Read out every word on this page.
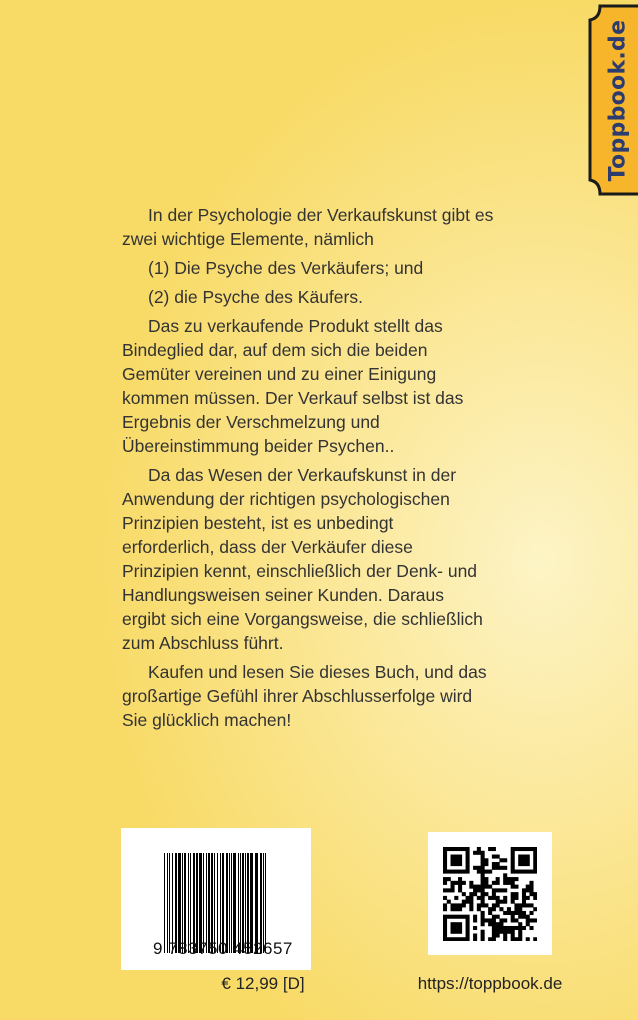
Toppbook.de

In der Psychologie der Verkaufskunst gibt es
zwei wichtige Elemente, nämlich

(1) Die Psyche des Verkäufers; und

(2) die Psyche des Käufers.

Das zu verkaufende Produkt stellt das
Bindeglied dar, auf dem sich die beiden
Gemüter vereinen und zu einer Einigung
kommen müssen. Der Verkauf selbst ist das
Ergebnis der Verschmelzung und
Übereinstimmung beider Psychen..

Da das Wesen der Verkaufskunst in der
Anwendung der richtigen psychologischen
Prinzipien besteht, ist es unbedingt
erforderlich, dass der Verkäufer diese
Prinzipien kennt, einschließlich der Denk- und
Handlungsweisen seiner Kunden. Daraus
ergibt sich eine Vorgangsweise, die schließlich
zum Abschluss führt.

Kaufen und lesen Sie dieses Buch, und das
großartige Gefühl ihrer Abschlusserfolge wird
Sie glücklich machen!

9 783750 452657
€ 12,99 [D]	https://toppbook.de
